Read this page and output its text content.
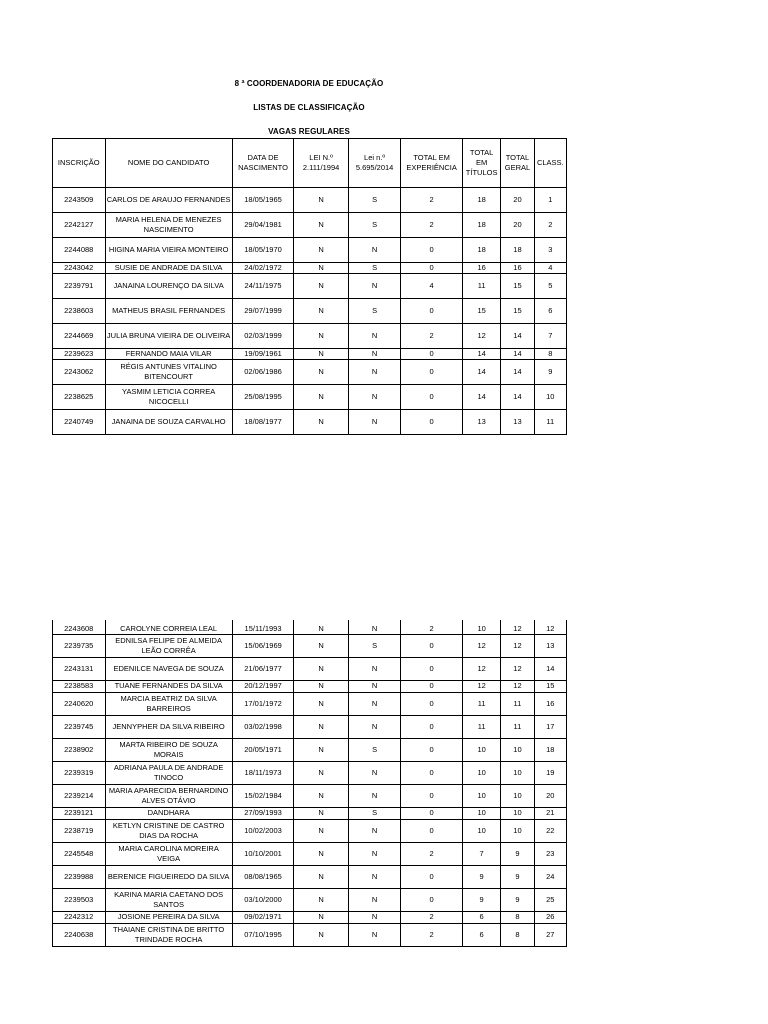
8 ª COORDENADORIA DE EDUCAÇÃO
LISTAS DE CLASSIFICAÇÃO
VAGAS REGULARES
INSCRIÇÃO	NOME DO CANDIDATO	DATA DE NASCIMENTO	LEI N.º 2.111/1994	Lei n.º 5.695/2014	TOTAL EM EXPERIÊNCIA	TOTAL EM TÍTULOS	TOTAL GERAL	CLASS.
2243509	CARLOS DE ARAUJO FERNANDES	18/05/1965	N	S	2	18	20	1
2242127	MARIA HELENA DE MENEZES NASCIMENTO	29/04/1981	N	S	2	18	20	2
2244088	HIGINA MARIA VIEIRA MONTEIRO	18/05/1970	N	N	0	18	18	3
2243042	SUSIE DE ANDRADE DA SILVA	24/02/1972	N	S	0	16	16	4
2239791	JANAINA LOURENÇO DA SILVA	24/11/1975	N	N	4	11	15	5
2238603	MATHEUS BRASIL FERNANDES	29/07/1999	N	S	0	15	15	6
2244669	JULIA BRUNA VIEIRA DE OLIVEIRA	02/03/1999	N	N	2	12	14	7
2239623	FERNANDO MAIA VILAR	19/09/1961	N	N	0	14	14	8
2243062	RÉGIS ANTUNES VITALINO BITENCOURT	02/06/1986	N	N	0	14	14	9
2238625	YASMIM LETICIA CORREA NICOCELLI	25/08/1995	N	N	0	14	14	10
2240749	JANAINA DE SOUZA CARVALHO	18/08/1977	N	N	0	13	13	11
2243608	CAROLYNE CORREIA LEAL	15/11/1993	N	N	2	10	12	12
2239735	EDNILSA FELIPE DE ALMEIDA LEÃO CORRÊA	15/06/1969	N	S	0	12	12	13
2243131	EDENILCE NAVEGA DE SOUZA	21/06/1977	N	N	0	12	12	14
2238583	TUANE FERNANDES DA SILVA	20/12/1997	N	N	0	12	12	15
2240620	MARCIA BEATRIZ DA SILVA BARREIROS	17/01/1972	N	N	0	11	11	16
2239745	JENNYPHER DA SILVA RIBEIRO	03/02/1998	N	N	0	11	11	17
2238902	MARTA RIBEIRO DE SOUZA MORAIS	20/05/1971	N	S	0	10	10	18
2239319	ADRIANA PAULA DE ANDRADE TINOCO	18/11/1973	N	N	0	10	10	19
2239214	MARIA APARECIDA BERNARDINO ALVES OTÁVIO	15/02/1984	N	N	0	10	10	20
2239121	DANDHARA	27/09/1993	N	S	0	10	10	21
2238719	KETLYN CRISTINE DE CASTRO DIAS DA ROCHA	10/02/2003	N	N	0	10	10	22
2245548	MARIA CAROLINA MOREIRA VEIGA	10/10/2001	N	N	2	7	9	23
2239988	BERENICE FIGUEIREDO DA SILVA	08/08/1965	N	N	0	9	9	24
2239503	KARINA MARIA CAETANO DOS SANTOS	03/10/2000	N	N	0	9	9	25
2242312	JOSIONE PEREIRA DA SILVA	09/02/1971	N	N	2	6	8	26
2240638	THAIANE CRISTINA DE BRITTO TRINDADE ROCHA	07/10/1995	N	N	2	6	8	27
